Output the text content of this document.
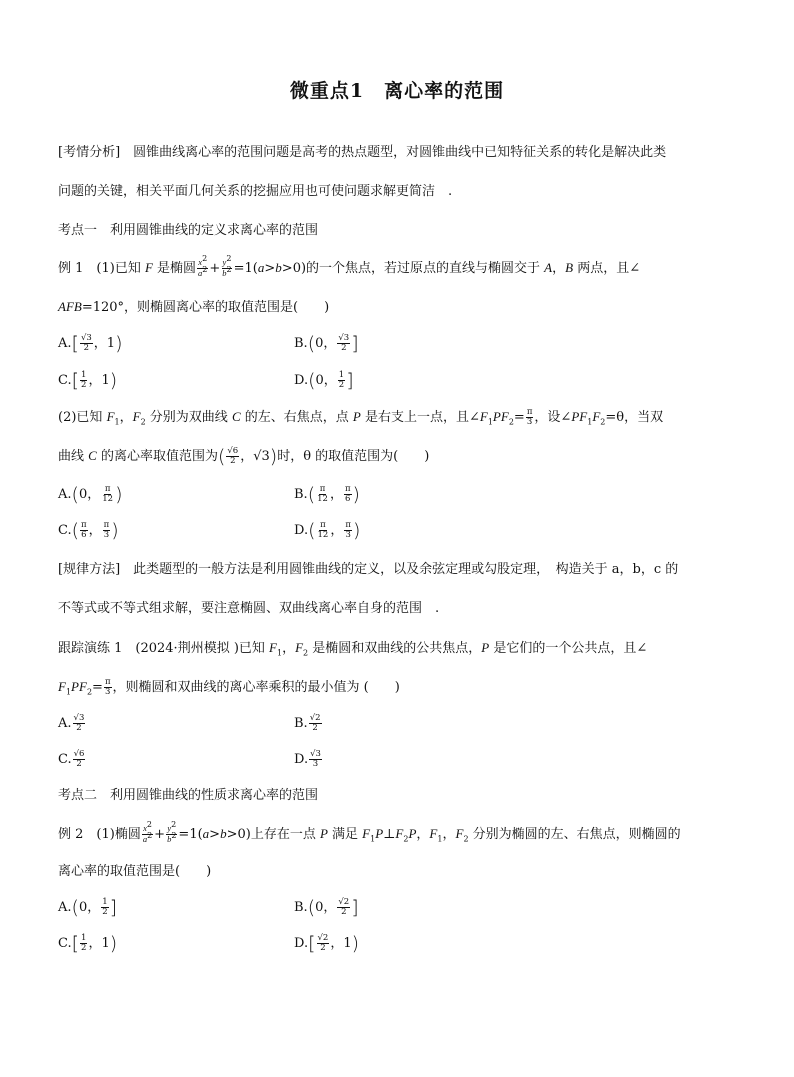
微重点1　离心率的范围
[考情分析]　圆锥曲线离心率的范围问题是高考的热点题型，对圆锥曲线中已知特征关系的转化是解决此类
问题的关键，相关平面几何关系的挖掘应用也可使问题求解更简洁　.
考点一　利用圆锥曲线的定义求离心率的范围
例 1　(1)已知 F 是椭圆 $\frac{x^2}{a^2} + \frac{y^2}{b^2} =1(a>b>0)$的一个焦点，若过原点的直线与椭圆交于 A，B 两点，且∠
AFB=120°，则椭圆离心率的取值范围是(　　)
$A.[ \frac{√3}{2}$ ，1)	B.(0， $\frac{√3}{2}$ ]
$C.[ \frac{1}{2}$ ，1)	D.(0， $\frac{1}{2}$ ]
(2)已知 $F_1$，$F_2$ 分别为双曲线 C 的左、右焦点，点 P 是右支上一点，且$\angle F_1PF_2= \frac{\pi}{3}$ ，设$\angle PF_1F_2=\theta$，当双
曲线 C 的离心率取值范围为( $\frac{√6}{2}$ ，√3)时，θ 的取值范围为(　　)
A.(0， $\frac{\pi}{12}$ )	$B.( \frac{\pi}{12}$ ， $\frac{\pi}{6}$ )
$C.( \frac{\pi}{6}$ ， $\frac{\pi}{3}$ )	$D.( \frac{\pi}{12}$ ， $\frac{\pi}{3}$ )
[规律方法]　此类题型的一般方法是利用圆锥曲线的定义，以及余弦定理或勾股定理，　构造关于 a，b，c 的
不等式或不等式组求解，要注意椭圆、双曲线离心率自身的范围　.
跟踪演练 1　(2024·荆州模拟 )已知 $F_1$，$F_2$ 是椭圆和双曲线的公共焦点，P 是它们的一个公共点，且∠
$F_1PF_2= \frac{\pi}{3}$ ，则椭圆和双曲线的离心率乘积的最小值为 (　　)
A. $\frac{√3}{2}$	B. $\frac{√2}{2}$
C. $\frac{√6}{2}$	D. $\frac{√3}{3}$
考点二　利用圆锥曲线的性质求离心率的范围
例 2　(1)椭圆 $\frac{x^2}{a^2} + \frac{y^2}{b^2} =1(a>b>0)$上存在一点 P 满足 $F_1P\perp F_2P$，$F_1$，$F_2$ 分别为椭圆的左、右焦点，则椭圆的
离心率的取值范围是(　　)
A.(0， $\frac{1}{2}$ ]	B.(0， $\frac{√2}{2}$ ]
$C.[ \frac{1}{2}$ ，1)	$D.[ \frac{√2}{2}$ ，1)
